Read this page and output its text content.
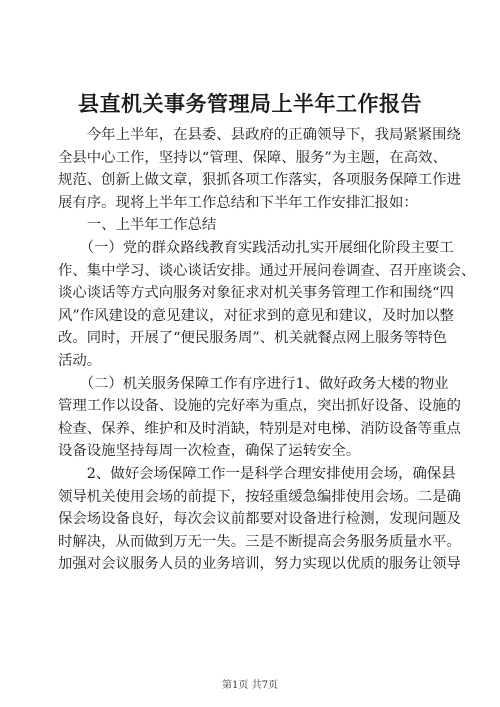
县直机关事务管理局上半年工作报告
　　今年上半年，在县委、县政府的正确领导下，我局紧紧围绕
全县中心工作，坚持以“管理、保障、服务”为主题，在高效、
规范、创新上做文章，狠抓各项工作落实，各项服务保障工作进
展有序。现将上半年工作总结和下半年工作安排汇报如：
　　一、上半年工作总结
　　（一）党的群众路线教育实践活动扎实开展细化阶段主要工
作、集中学习、谈心谈话安排。通过开展问卷调查、召开座谈会、
谈心谈话等方式向服务对象征求对机关事务管理工作和围绕“四
风”作风建设的意见建议，对征求到的意见和建议，及时加以整
改。同时，开展了“便民服务周”、机关就餐点网上服务等特色
活动。
　　（二）机关服务保障工作有序进行1、做好政务大楼的物业
管理工作以设备、设施的完好率为重点，突出抓好设备、设施的
检查、保养、维护和及时消缺，特别是对电梯、消防设备等重点
设备设施坚持每周一次检查，确保了运转安全。
　　2、做好会场保障工作一是科学合理安排使用会场，确保县
领导机关使用会场的前提下，按轻重缓急编排使用会场。二是确
保会场设备良好，每次会议前都要对设备进行检测，发现问题及
时解决，从而做到万无一失。三是不断提高会务服务质量水平。
加强对会议服务人员的业务培训，努力实现以优质的服务让领导
第1页 共7页
